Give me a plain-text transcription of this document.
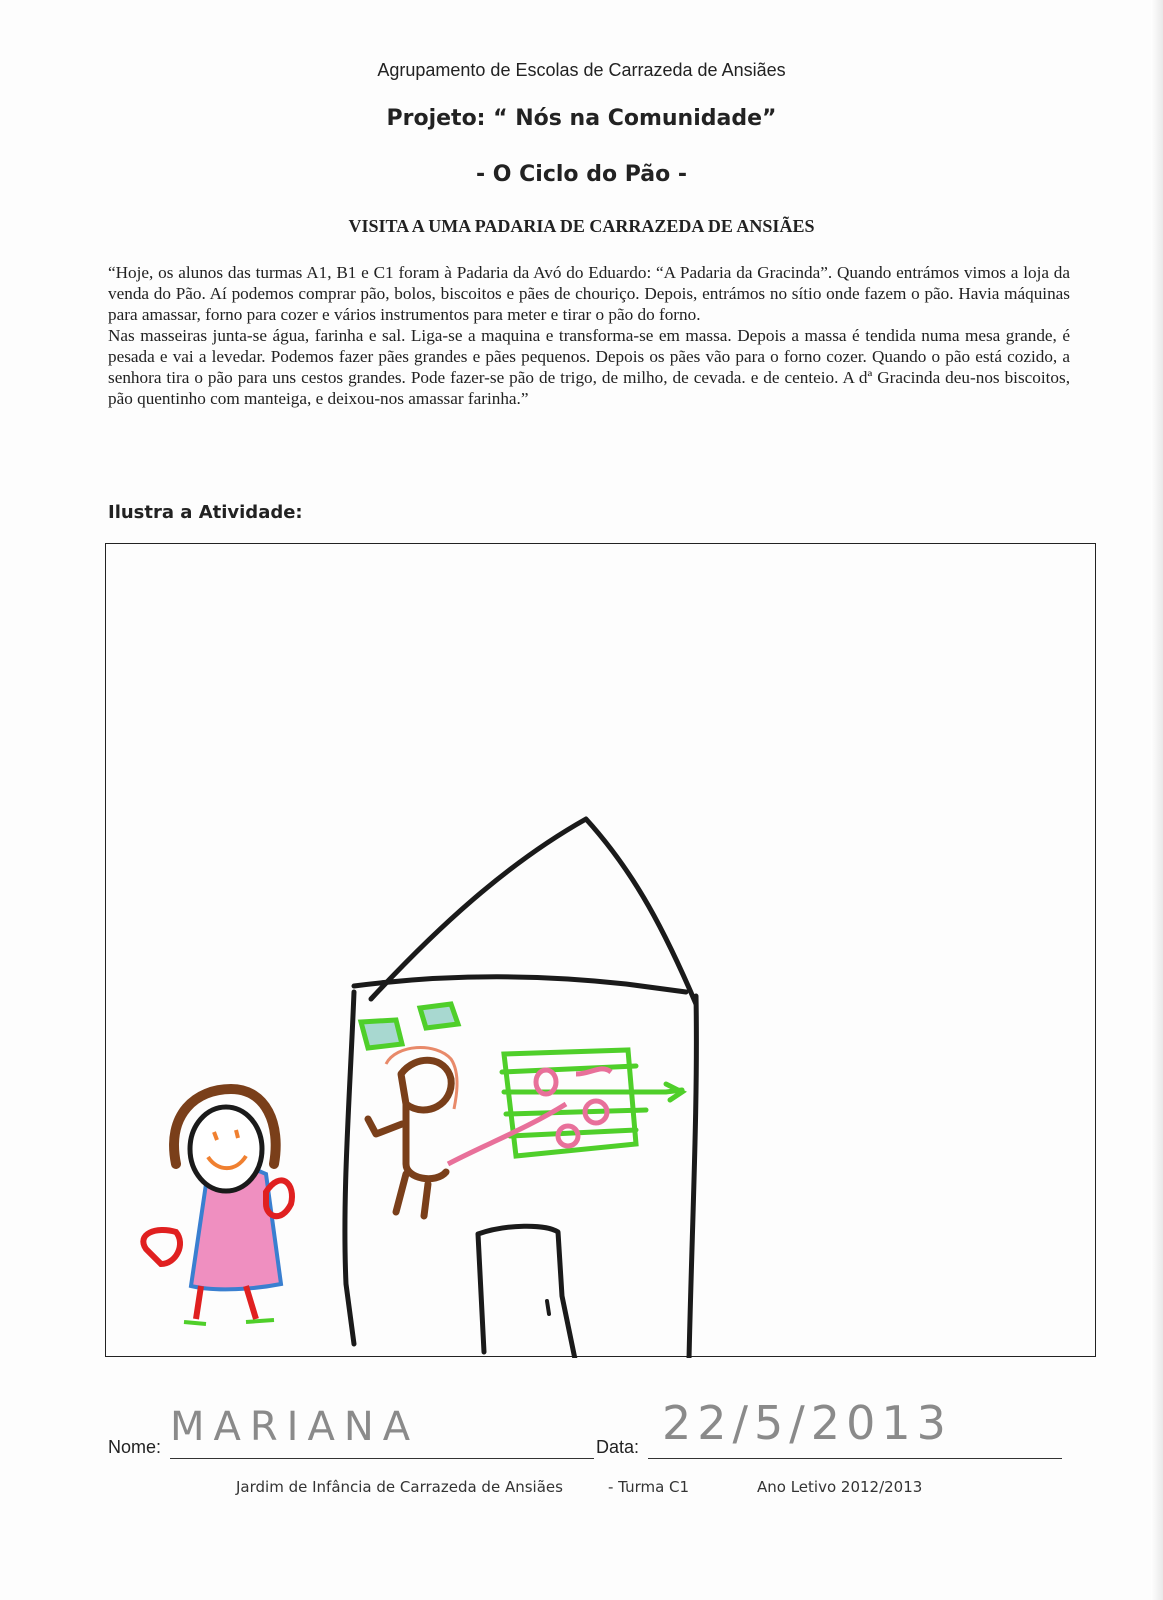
Agrupamento de Escolas de Carrazeda de Ansiães
Projeto: “ Nós na Comunidade”
- O Ciclo do Pão -
VISITA A UMA PADARIA DE CARRAZEDA DE ANSIÃES

“Hoje, os alunos das turmas A1, B1 e C1 foram à Padaria da Avó do Eduardo: “A Padaria da Gracinda”. Quando entrámos vimos a loja da venda do Pão. Aí podemos comprar pão, bolos, biscoitos e pães de chouriço. Depois, entrámos no sítio onde fazem o pão. Havia máquinas para amassar, forno para cozer e vários instrumentos para meter e tirar o pão do forno.

Nas masseiras junta-se água, farinha e sal. Liga-se a maquina e transforma-se em massa. Depois a massa é tendida numa mesa grande, é pesada e vai a levedar. Podemos fazer pães grandes e pães pequenos. Depois os pães vão para o forno cozer. Quando o pão está cozido, a senhora tira o pão para uns cestos grandes. Pode fazer-se pão de trigo, de milho, de cevada. e de centeio. A dª Gracinda deu-nos biscoitos, pão quentinho com manteiga, e deixou-nos amassar farinha.”

Ilustra a Atividade:
Nome: MARIANA	Data: 22/5/2013
Jardim de Infância de Carrazeda de Ansiães	- Turma C1	Ano Letivo 2012/2013
